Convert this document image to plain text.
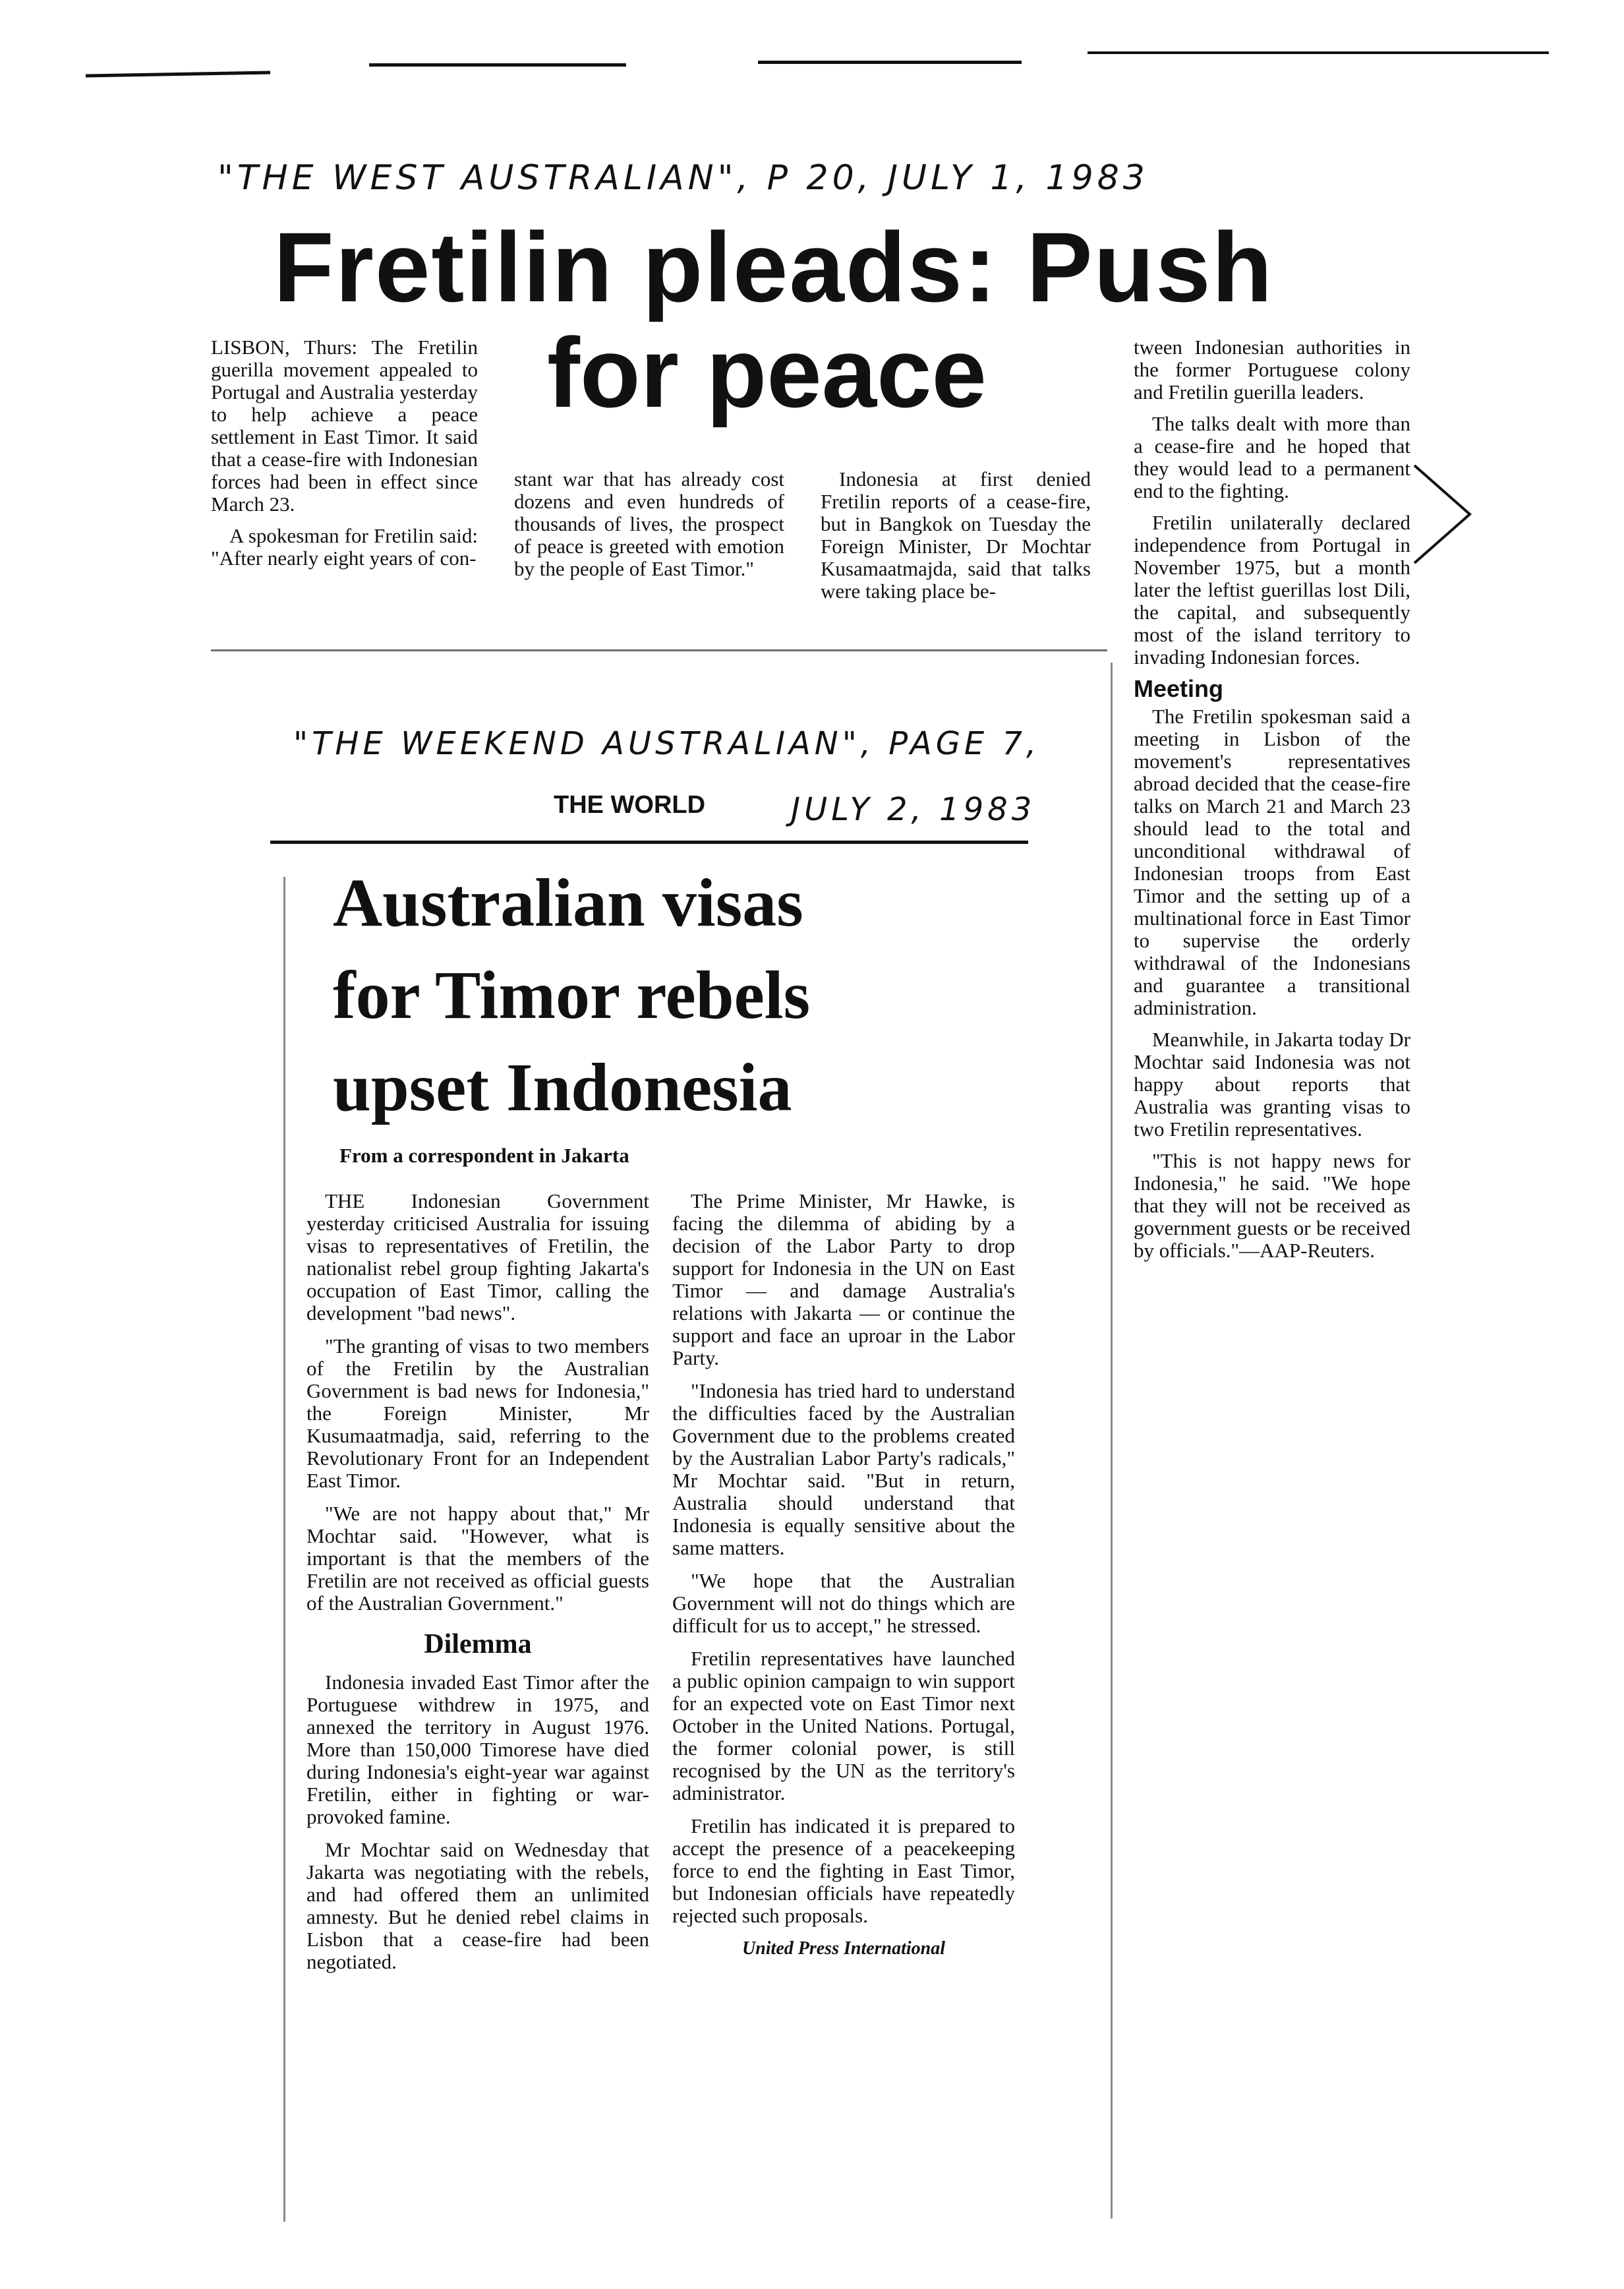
"THE WEST AUSTRALIAN", P 20, JULY 1, 1983
Fretilin pleads: Push
for peace

LISBON, Thurs: The Fretilin guerilla movement appealed to Portugal and Australia yesterday to help achieve a peace settlement in East Timor. It said that a cease-fire with Indonesian forces had been in effect since March 23.

A spokesman for Fretilin said: "After nearly eight years of con-

stant war that has already cost dozens and even hundreds of thousands of lives, the prospect of peace is greeted with emotion by the people of East Timor."

Indonesia at first denied Fretilin reports of a cease-fire, but in Bangkok on Tuesday the Foreign Minister, Dr Mochtar Kusamaatmajda, said that talks were taking place be-

tween Indonesian authorities in the former Portuguese colony and Fretilin guerilla leaders.

The talks dealt with more than a cease-fire and he hoped that they would lead to a permanent end to the fighting.

Fretilin unilaterally declared independence from Portugal in November 1975, but a month later the leftist guerillas lost Dili, the capital, and subsequently most of the island territory to invading Indonesian forces.

Meeting

The Fretilin spokesman said a meeting in Lisbon of the movement's representatives abroad decided that the cease-fire talks on March 21 and March 23 should lead to the total and unconditional withdrawal of Indonesian troops from East Timor and the setting up of a multinational force in East Timor to supervise the orderly withdrawal of the Indonesians and guarantee a transitional administration.

Meanwhile, in Jakarta today Dr Mochtar said Indonesia was not happy about reports that Australia was granting visas to two Fretilin representatives.

"This is not happy news for Indonesia," he said. "We hope that they will not be received as government guests or be received by officials."—AAP-Reuters.

"THE WEEKEND AUSTRALIAN", PAGE 7,
THE WORLD	JULY 2, 1983
Australian visas
for Timor rebels
upset Indonesia
From a correspondent in Jakarta

THE Indonesian Government yesterday criticised Australia for issuing visas to representatives of Fretilin, the nationalist rebel group fighting Jakarta's occupation of East Timor, calling the development "bad news".

"The granting of visas to two members of the Fretilin by the Australian Government is bad news for Indonesia," the Foreign Minister, Mr Kusumaatmadja, said, referring to the Revolutionary Front for an Independent East Timor.

"We are not happy about that," Mr Mochtar said. "However, what is important is that the members of the Fretilin are not received as official guests of the Australian Government."

Dilemma

Indonesia invaded East Timor after the Portuguese withdrew in 1975, and annexed the territory in August 1976. More than 150,000 Timorese have died during Indonesia's eight-year war against Fretilin, either in fighting or war-provoked famine.

Mr Mochtar said on Wednesday that Jakarta was negotiating with the rebels, and had offered them an unlimited amnesty. But he denied rebel claims in Lisbon that a cease-fire had been negotiated.

The Prime Minister, Mr Hawke, is facing the dilemma of abiding by a decision of the Labor Party to drop support for Indonesia in the UN on East Timor — and damage Australia's relations with Jakarta — or continue the support and face an uproar in the Labor Party.

"Indonesia has tried hard to understand the difficulties faced by the Australian Government due to the problems created by the Australian Labor Party's radicals," Mr Mochtar said. "But in return, Australia should understand that Indonesia is equally sensitive about the same matters.

"We hope that the Australian Government will not do things which are difficult for us to accept," he stressed.

Fretilin representatives have launched a public opinion campaign to win support for an expected vote on East Timor next October in the United Nations. Portugal, the former colonial power, is still recognised by the UN as the territory's administrator.

Fretilin has indicated it is prepared to accept the presence of a peacekeeping force to end the fighting in East Timor, but Indonesian officials have repeatedly rejected such proposals.

United Press International
